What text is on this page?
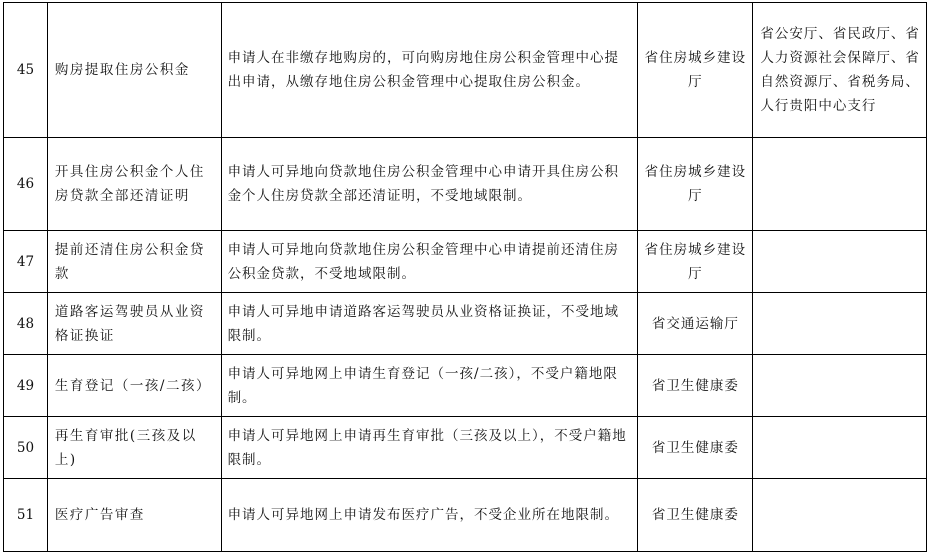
45	购房提取住房公积金	申请人在非缴存地购房的，可向购房地住房公积金管理中心提出申请，从缴存地住房公积金管理中心提取住房公积金。	省住房城乡建设厅	省公安厅、省民政厅、省人力资源社会保障厅、省自然资源厅、省税务局、人行贵阳中心支行
46	开具住房公积金个人住房贷款全部还清证明	申请人可异地向贷款地住房公积金管理中心申请开具住房公积金个人住房贷款全部还清证明，不受地域限制。	省住房城乡建设厅	
47	提前还清住房公积金贷款	申请人可异地向贷款地住房公积金管理中心申请提前还清住房公积金贷款，不受地域限制。	省住房城乡建设厅	
48	道路客运驾驶员从业资格证换证	申请人可异地申请道路客运驾驶员从业资格证换证，不受地域限制。	省交通运输厅	
49	生育登记（一孩/二孩）	申请人可异地网上申请生育登记（一孩/二孩），不受户籍地限制。	省卫生健康委	
50	再生育审批(三孩及以上)	申请人可异地网上申请再生育审批（三孩及以上），不受户籍地限制。	省卫生健康委	
51	医疗广告审查	申请人可异地网上申请发布医疗广告，不受企业所在地限制。	省卫生健康委	
